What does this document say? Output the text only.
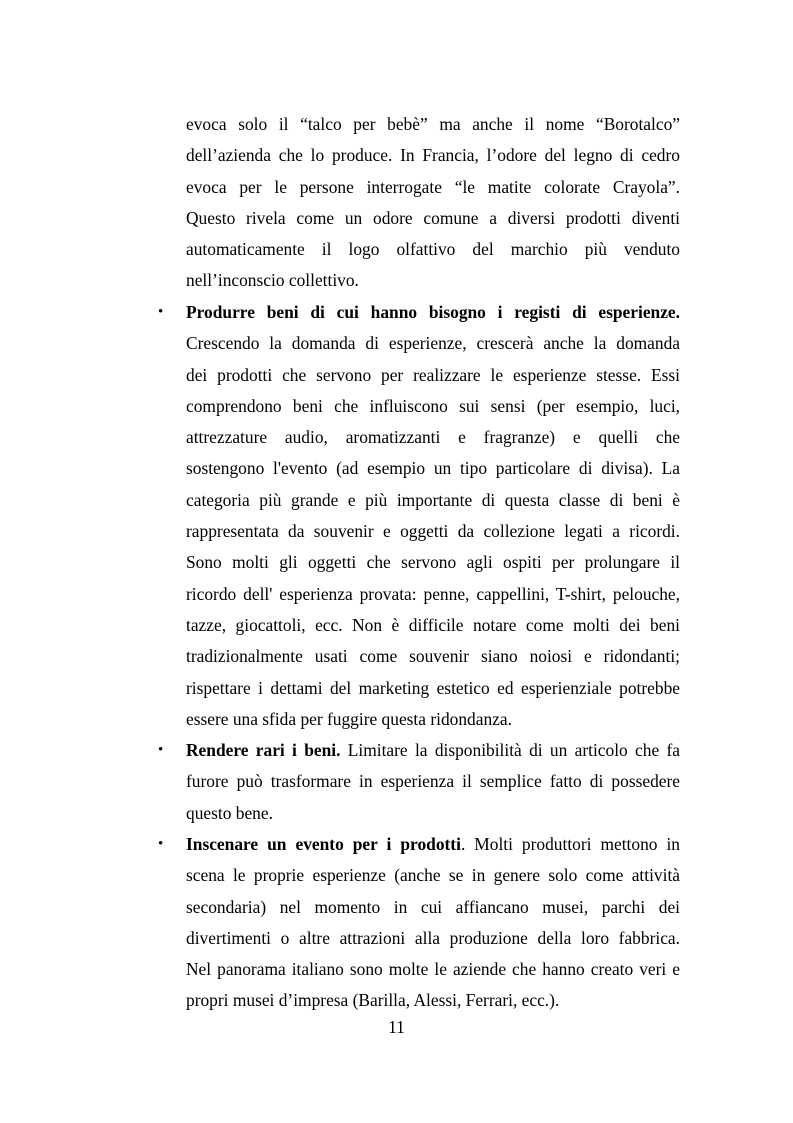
evoca solo il “talco per bebè” ma anche il nome “Borotalco”
dell’azienda che lo produce. In Francia, l’odore del legno di cedro
evoca per le persone interrogate “le matite colorate Crayola”.
Questo rivela come un odore comune a diversi prodotti diventi
automaticamente il logo olfattivo del marchio più venduto
nell’inconscio collettivo.
• Produrre beni di cui hanno bisogno i registi di esperienze.
Crescendo la domanda di esperienze, crescerà anche la domanda
dei prodotti che servono per realizzare le esperienze stesse. Essi
comprendono beni che influiscono sui sensi (per esempio, luci,
attrezzature audio, aromatizzanti e fragranze) e quelli che
sostengono l'evento (ad esempio un tipo particolare di divisa). La
categoria più grande e più importante di questa classe di beni è
rappresentata da souvenir e oggetti da collezione legati a ricordi.
Sono molti gli oggetti che servono agli ospiti per prolungare il
ricordo dell' esperienza provata: penne, cappellini, T-shirt, pelouche,
tazze, giocattoli, ecc. Non è difficile notare come molti dei beni
tradizionalmente usati come souvenir siano noiosi e ridondanti;
rispettare i dettami del marketing estetico ed esperienziale potrebbe
essere una sfida per fuggire questa ridondanza.
• Rendere rari i beni. Limitare la disponibilità di un articolo che fa
furore può trasformare in esperienza il semplice fatto di possedere
questo bene.
• Inscenare un evento per i prodotti. Molti produttori mettono in
scena le proprie esperienze (anche se in genere solo come attività
secondaria) nel momento in cui affiancano musei, parchi dei
divertimenti o altre attrazioni alla produzione della loro fabbrica.
Nel panorama italiano sono molte le aziende che hanno creato veri e
propri musei d’impresa (Barilla, Alessi, Ferrari, ecc.).
11
